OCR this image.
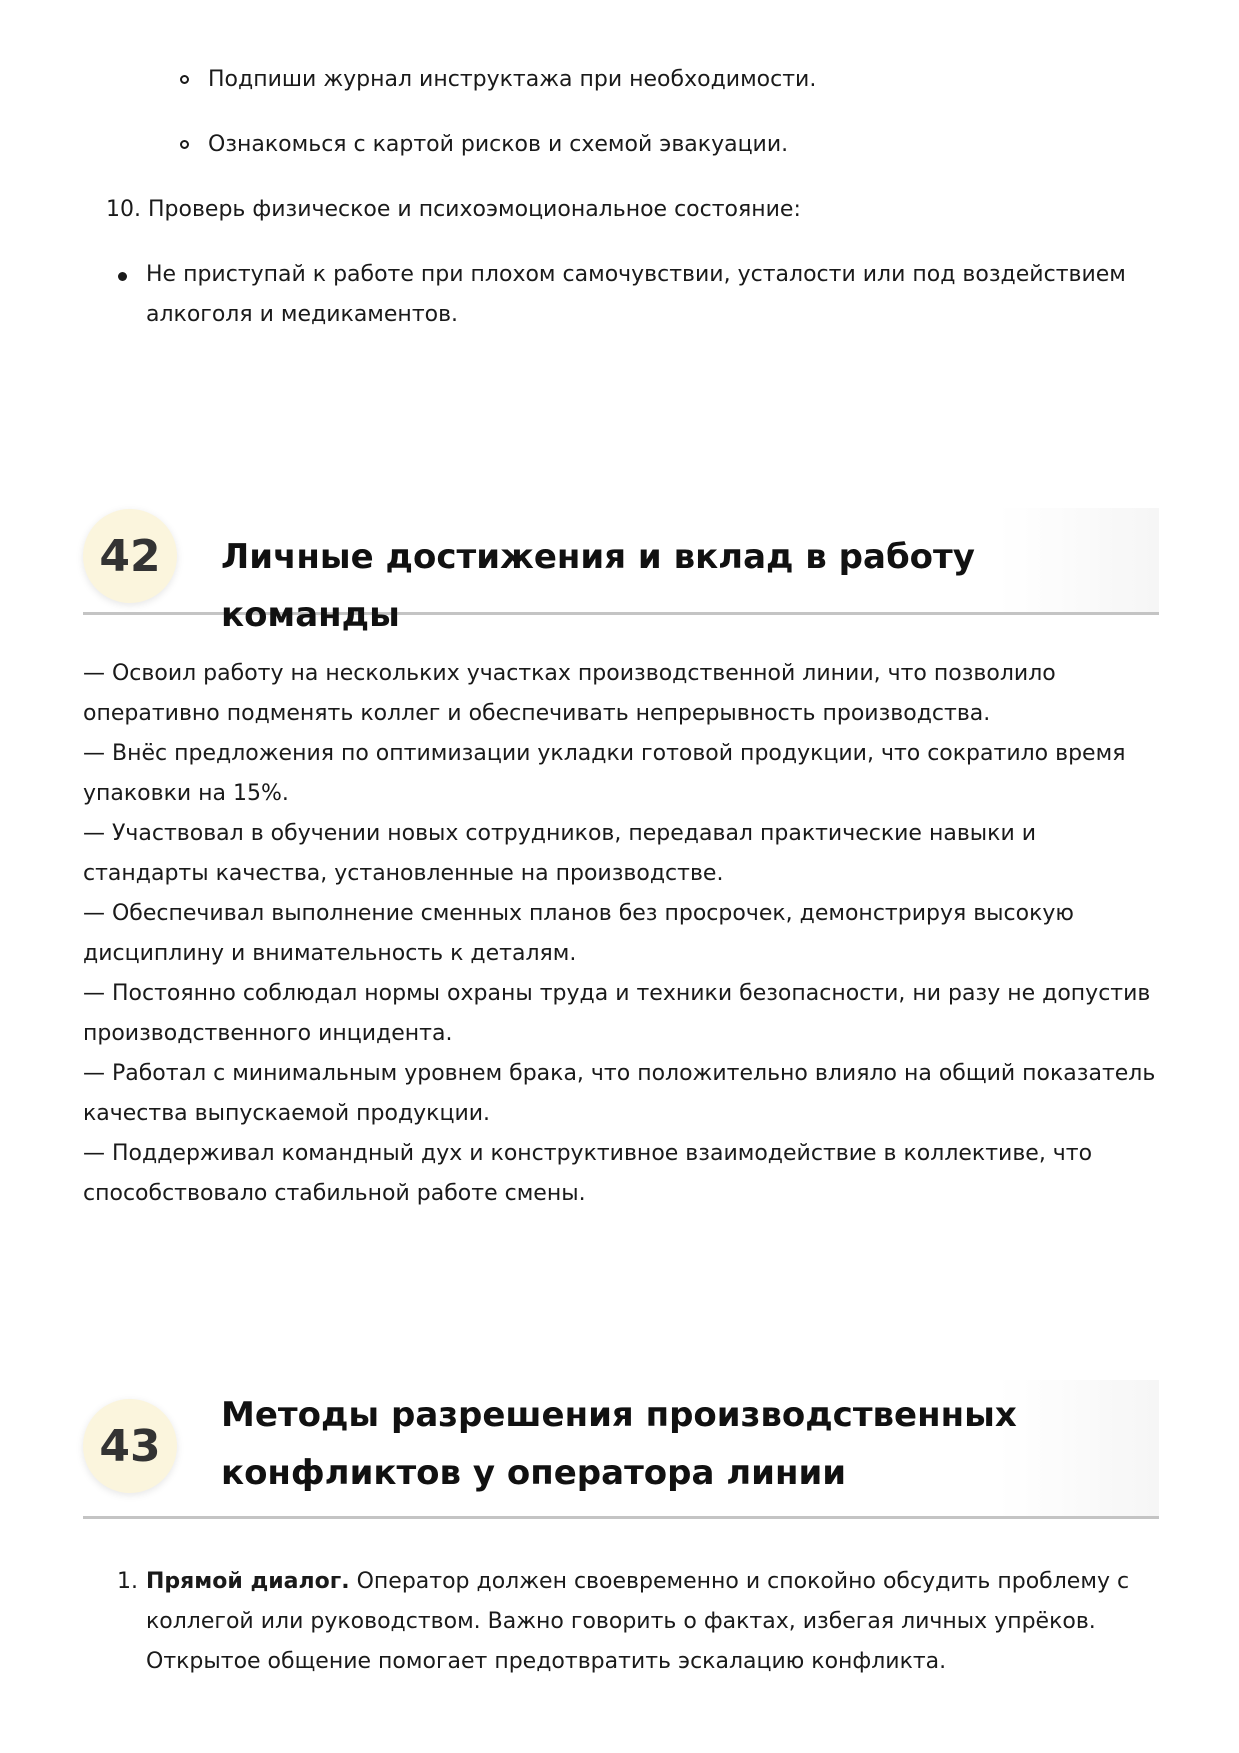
Подпиши журнал инструктажа при необходимости.
Ознакомься с картой рисков и схемой эвакуации.
10. Проверь физическое и психоэмоциональное состояние:
Не приступай к работе при плохом самочувствии, усталости или под воздействием алкоголя и медикаментов.
42	Личные достижения и вклад в работу команды

— Освоил работу на нескольких участках производственной линии, что позволило оперативно подменять коллег и обеспечивать непрерывность производства.

— Внёс предложения по оптимизации укладки готовой продукции, что сократило время упаковки на 15%.

— Участвовал в обучении новых сотрудников, передавал практические навыки и стандарты качества, установленные на производстве.

— Обеспечивал выполнение сменных планов без просрочек, демонстрируя высокую дисциплину и внимательность к деталям.

— Постоянно соблюдал нормы охраны труда и техники безопасности, ни разу не допустив производственного инцидента.

— Работал с минимальным уровнем брака, что положительно влияло на общий показатель качества выпускаемой продукции.

— Поддерживал командный дух и конструктивное взаимодействие в коллективе, что способствовало стабильной работе смены.

43
Методы разрешения производственных
конфликтов у оператора линии
1. Прямой диалог. Оператор должен своевременно и спокойно обсудить проблему с коллегой или руководством. Важно говорить о фактах, избегая личных упрёков. Открытое общение помогает предотвратить эскалацию конфликта.
